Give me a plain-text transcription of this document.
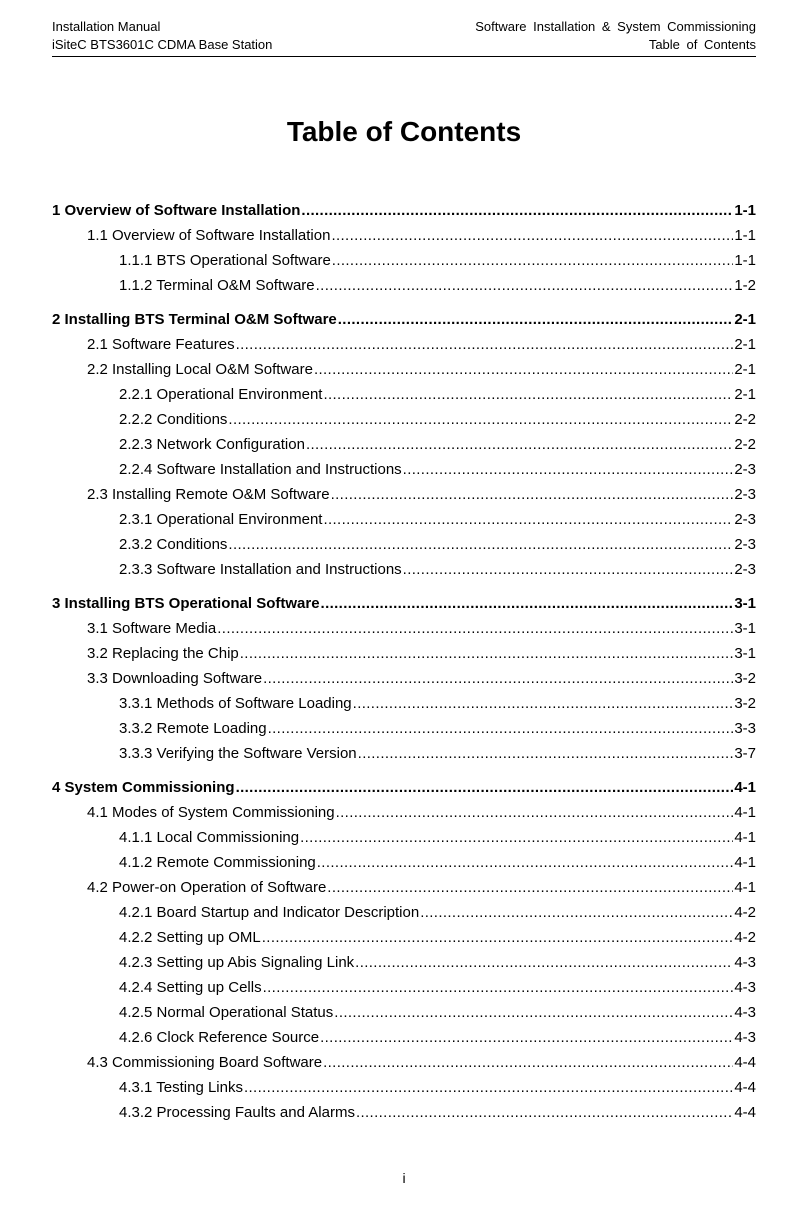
Installation Manual
iSiteC BTS3601C CDMA Base Station
Software Installation & System Commissioning
Table of Contents
Table of Contents
1 Overview of Software Installation . . .	1-1
1.1 Overview of Software Installation . . .	1-1
1.1.1 BTS Operational Software . . .	1-1
1.1.2 Terminal O&M Software . . .	1-2
2 Installing BTS Terminal O&M Software . . .	2-1
2.1 Software Features . . .	2-1
2.2 Installing Local O&M Software . . .	2-1
2.2.1 Operational Environment . . .	2-1
2.2.2 Conditions . . .	2-2
2.2.3 Network Configuration . . .	2-2
2.2.4 Software Installation and Instructions . . .	2-3
2.3 Installing Remote O&M Software . . .	2-3
2.3.1 Operational Environment . . .	2-3
2.3.2 Conditions . . .	2-3
2.3.3 Software Installation and Instructions . . .	2-3
3 Installing BTS Operational Software . . .	3-1
3.1 Software Media . . .	3-1
3.2 Replacing the Chip . . .	3-1
3.3 Downloading Software . . .	3-2
3.3.1 Methods of Software Loading . . .	3-2
3.3.2 Remote Loading . . .	3-3
3.3.3 Verifying the Software Version . . .	3-7
4 System Commissioning . . .	4-1
4.1 Modes of System Commissioning . . .	4-1
4.1.1 Local Commissioning . . .	4-1
4.1.2 Remote Commissioning . . .	4-1
4.2 Power-on Operation of Software . . .	4-1
4.2.1 Board Startup and Indicator Description . . .	4-2
4.2.2 Setting up OML . . .	4-2
4.2.3 Setting up Abis Signaling Link . . .	4-3
4.2.4 Setting up Cells . . .	4-3
4.2.5 Normal Operational Status . . .	4-3
4.2.6 Clock Reference Source . . .	4-3
4.3 Commissioning Board Software . . .	4-4
4.3.1 Testing Links . . .	4-4
4.3.2 Processing Faults and Alarms . . .	4-4
i
